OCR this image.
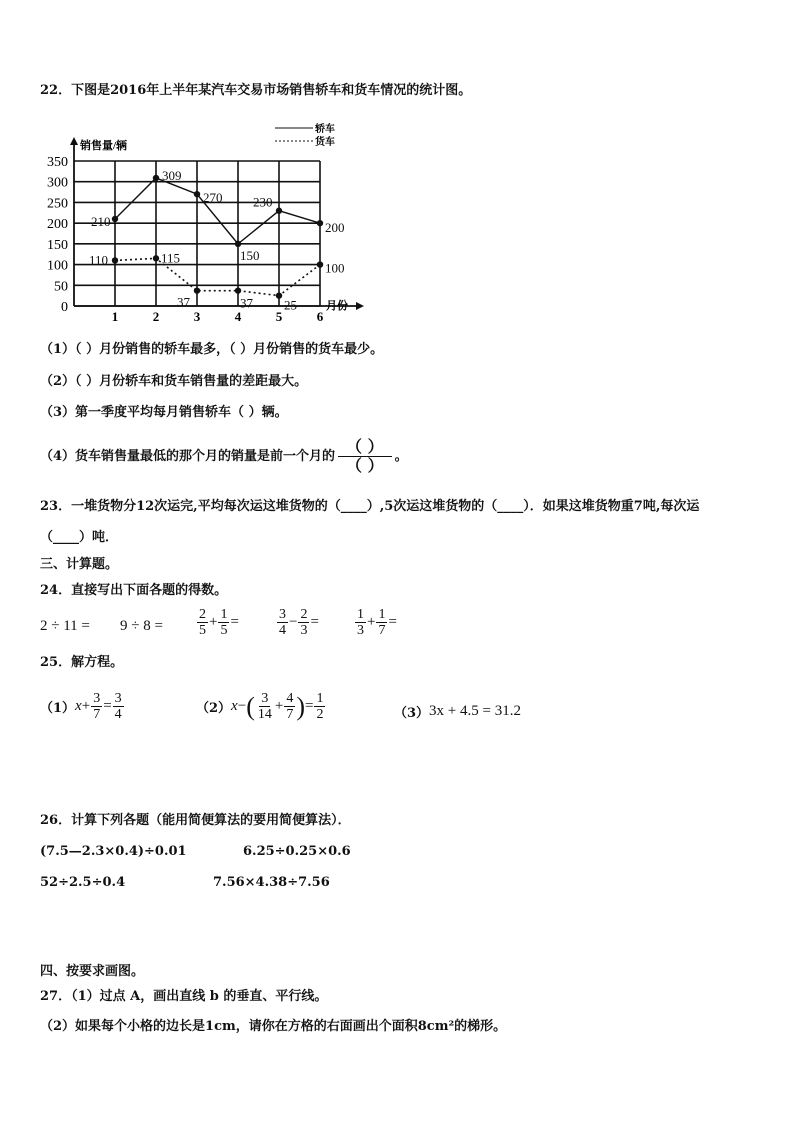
22．下图是2016年上半年某汽车交易市场销售轿车和货车情况的统计图。
销售量/辆
月份
0
50
100
150
200
250
300
350
1	2	3	4	5	6
轿车
货车
210
309
270
150
230
200
110	115
37	37 25
100
（1）（ ）月份销售的轿车最多，（ ）月份销售的货车最少。
（2）（ ）月份轿车和货车销售量的差距最大。
（3）第一季度平均每月销售轿车（ ）辆。
（4）货车销售量最低的那个月的销量是前一个月的 $\frac{( )}{( )}$ 。
23．一堆货物分12次运完,平均每次运这堆货物的（____）,5次运这堆货物的（____）．如果这堆货物重7吨,每次运
（____）吨．
三、计算题。
24．直接写出下面各题的得数。
$2 \div 11 = 9 \div 8 = \frac{2}{5} + \frac{1}{5}$ =	$\frac{3}{4} - \frac{2}{3}$ =	$\frac{1}{3} + \frac{1}{7}$ =
25．解方程。
（1） $x + \frac{3}{7} = \frac{3}{4}$	（2） x − ( $\frac{3}{14} + \frac{4}{7}$ ) = $\frac{1}{2}$	（3） 3x + 4.5 = 31.2
26．计算下列各题（能用简便算法的要用简便算法）．
(7.5—2.3×0.4)÷0.01	6.25÷0.25×0.6
52÷2.5÷0.4	7.56×4.38÷7.56
四、按要求画图。
27．（1）过点 A，画出直线 b 的垂直、平行线。
（2）如果每个小格的边长是1cm，请你在方格的右面画出个面积8cm²的梯形。
